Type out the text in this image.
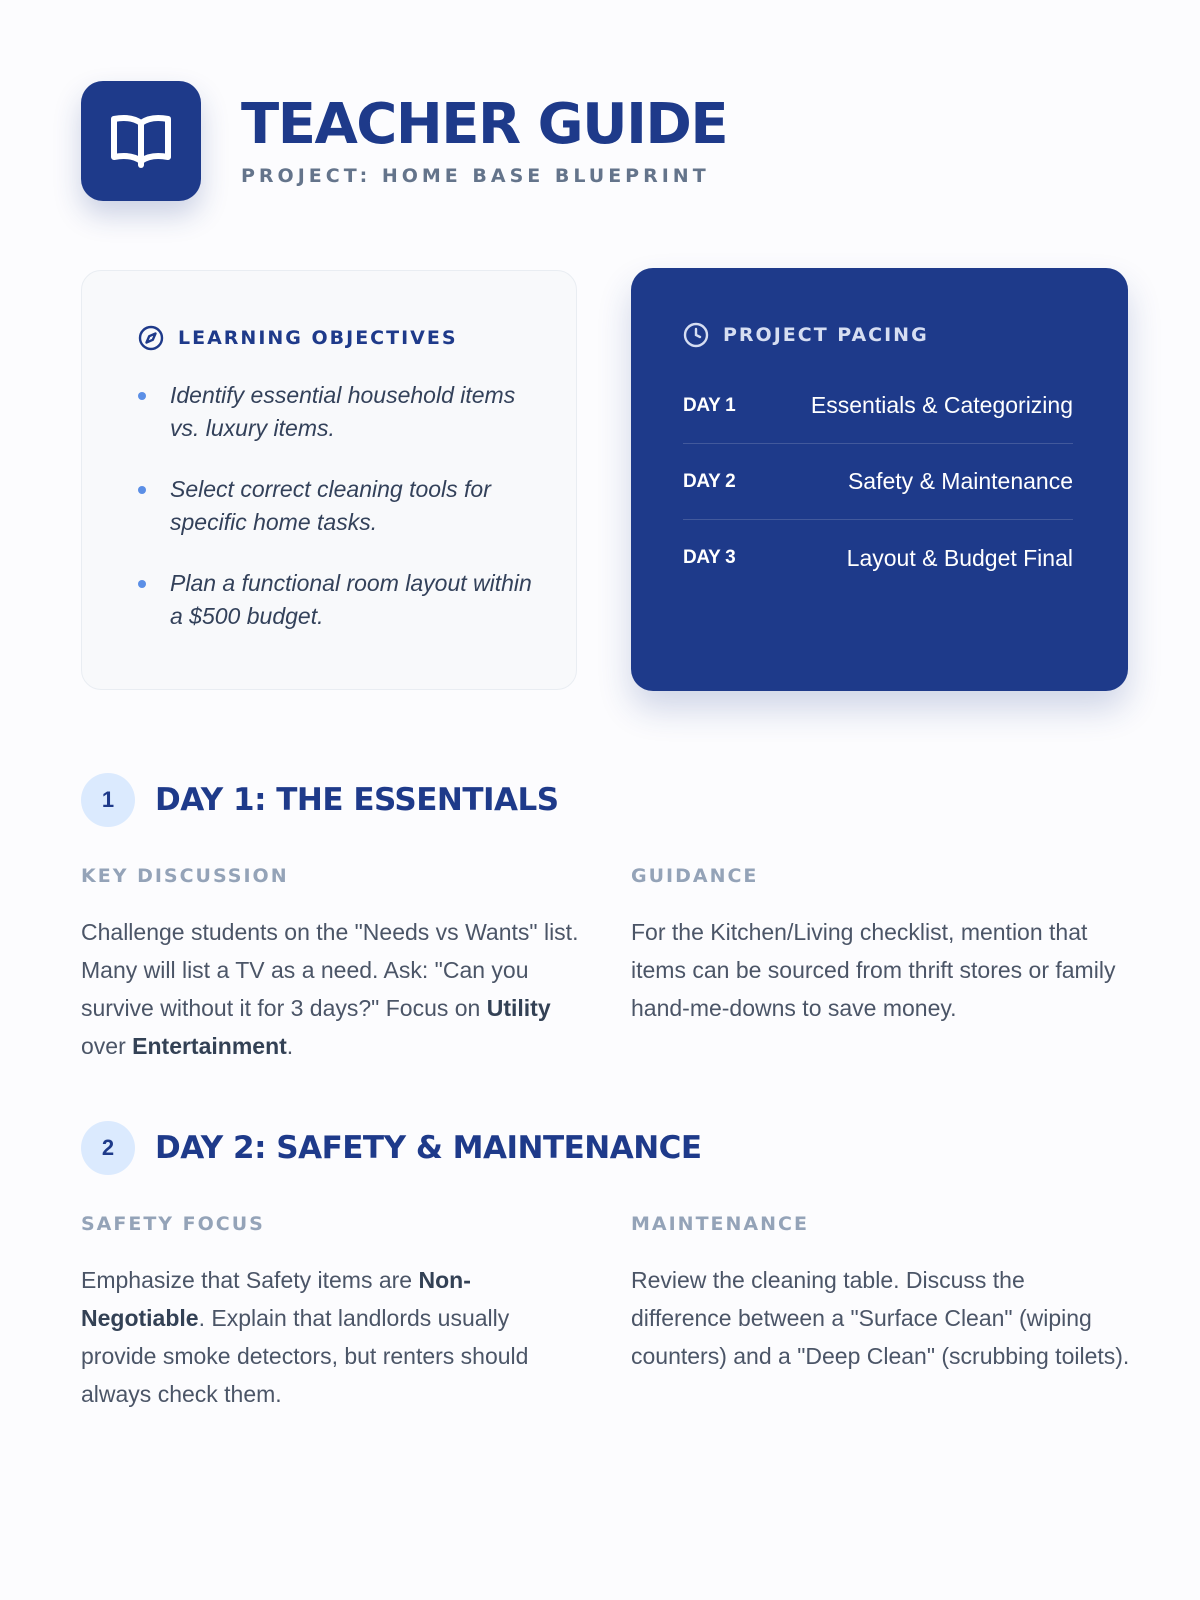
TEACHER GUIDE
PROJECT: HOME BASE BLUEPRINT
LEARNING OBJECTIVES
Identify essential household items vs. luxury items.
Select correct cleaning tools for specific home tasks.
Plan a functional room layout within a $500 budget.
PROJECT PACING
DAY 1	Essentials & Categorizing
DAY 2	Safety & Maintenance
DAY 3	Layout & Budget Final
1	DAY 1: THE ESSENTIALS
KEY DISCUSSION

Challenge students on the "Needs vs Wants" list. Many will list a TV as a need. Ask: "Can you survive without it for 3 days?" Focus on Utility over Entertainment.

GUIDANCE

For the Kitchen/Living checklist, mention that items can be sourced from thrift stores or family hand-me-downs to save money.

2	DAY 2: SAFETY & MAINTENANCE
SAFETY FOCUS

Emphasize that Safety items are Non-Negotiable. Explain that landlords usually provide smoke detectors, but renters should always check them.

MAINTENANCE

Review the cleaning table. Discuss the difference between a "Surface Clean" (wiping counters) and a "Deep Clean" (scrubbing toilets).
